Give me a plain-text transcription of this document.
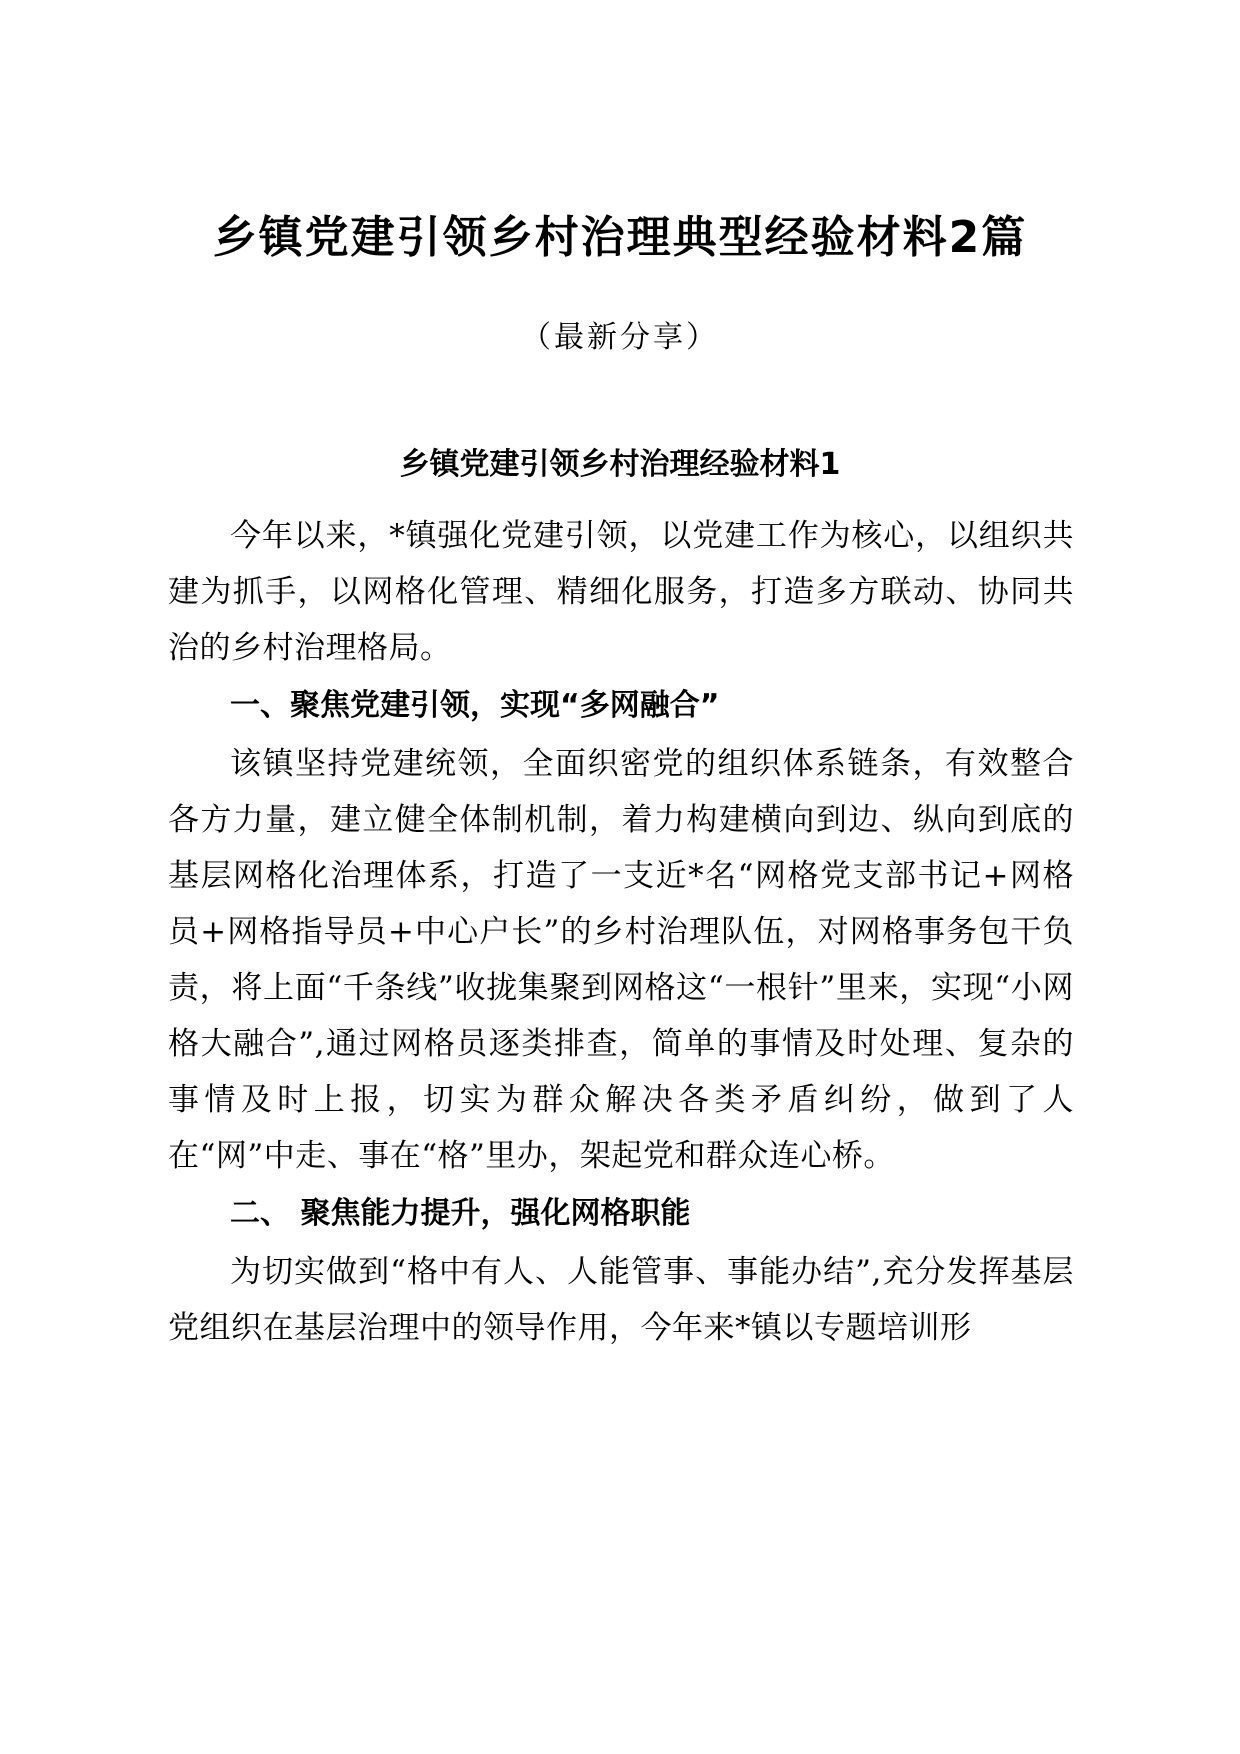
乡镇党建引领乡村治理典型经验材料2篇
（最新分享）
乡镇党建引领乡村治理经验材料1

今年以来，*镇强化党建引领，以党建工作为核心，以组织共建为抓手，以网格化管理、精细化服务，打造多方联动、协同共治的乡村治理格局。

一、聚焦党建引领，实现“多网融合”

该镇坚持党建统领，全面织密党的组织体系链条，有效整合各方力量，建立健全体制机制，着力构建横向到边、纵向到底的基层网格化治理体系，打造了一支近*名“网格党支部书记+网格员+网格指导员+中心户长”的乡村治理队伍，对网格事务包干负责，将上面“千条线”收拢集聚到网格这“一根针”里来，实现“小网格大融合”,通过网格员逐类排查，简单的事情及时处理、复杂的事情及时上报，切实为群众解决各类矛盾纠纷，做到了人在“网”中走、事在“格”里办，架起党和群众连心桥。

二、 聚焦能力提升，强化网格职能

为切实做到“格中有人、人能管事、事能办结”,充分发挥基层党组织在基层治理中的领导作用，今年来*镇以专题培训形
